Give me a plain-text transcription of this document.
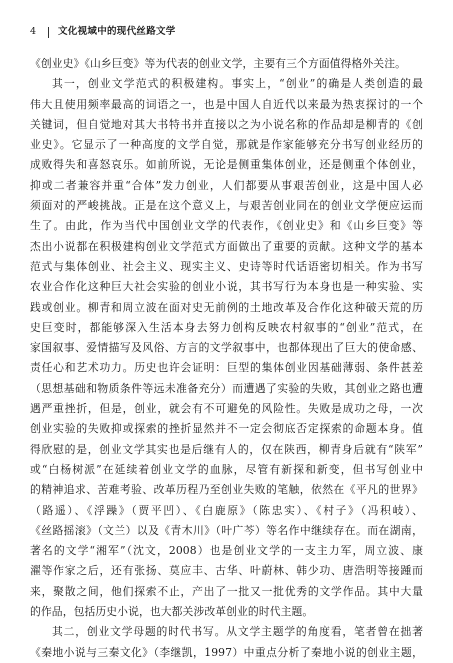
4	文化视域中的现代丝路文学
《创业史》《山乡巨变》等为代表的创业文学，主要有三个方面值得格外关注。
其一，创业文学范式的积极建构。事实上，“创业”的确是人类创造的最
伟大且使用频率最高的词语之一，也是中国人自近代以来最为热衷探讨的一个
关键词，但自觉地对其大书特书并直接以之为小说名称的作品却是柳青的《创
业史》。它显示了一种高度的文学自觉，那就是作家能够充分书写创业经历的
成败得失和喜怒哀乐。如前所说，无论是侧重集体创业，还是侧重个体创业，
抑或二者兼容并重“合体”发力创业，人们都要从事艰苦创业，这是中国人必
须面对的严峻挑战。正是在这个意义上，与艰苦创业同在的创业文学便应运而
生了。由此，作为当代中国创业文学的代表作，《创业史》和《山乡巨变》等
杰出小说都在积极建构创业文学范式方面做出了重要的贡献。这种文学的基本
范式与集体创业、社会主义、现实主义、史诗等时代话语密切相关。作为书写
农业合作化这种巨大社会实验的创业小说，其书写行为本身也是一种实验、实
践或创业。柳青和周立波在面对史无前例的土地改革及合作化这种破天荒的历
史巨变时，都能够深入生活本身去努力创构反映农村叙事的“创业”范式，在
家国叙事、爱情描写及风俗、方言的文学叙事中，也都体现出了巨大的使命感、
责任心和艺术功力。历史也许会证明：巨型的集体创业因基础薄弱、条件甚差
（思想基础和物质条件等远未准备充分）而遭遇了实验的失败，其创业之路也遭
遇严重挫折，但是，创业，就会有不可避免的风险性。失败是成功之母，一次
创业实验的失败抑或探索的挫折显然并不一定会彻底否定探索的命题本身。值
得欣慰的是，创业文学其实也是后继有人的，仅在陕西，柳青身后就有“陕军”
或“白杨树派”在延续着创业文学的血脉，尽管有新探和新变，但书写创业中
的精神追求、苦难考验、改革历程乃至创业失败的笔触，依然在《平凡的世界》
（路遥）、《浮躁》（贾平凹）、《白鹿原》（陈忠实）、《村子》（冯积岐）、
《丝路摇滚》（文兰）以及《青木川》（叶广芩）等名作中继续存在。而在湖南，
著名的文学“湘军”（沈文，2008）也是创业文学的一支主力军，周立波、康
濯等作家之后，还有张扬、莫应丰、古华、叶蔚林、韩少功、唐浩明等接踵而
来，聚散之间，他们探索不止，产出了一批又一批优秀的文学作品。其中大量
的作品，包括历史小说，也大都关涉改革创业的时代主题。
其二，创业文学母题的时代书写。从文学主题学的角度看，笔者曾在拙著
《秦地小说与三秦文化》（李继凯，1997）中重点分析了秦地小说的创业主题，
